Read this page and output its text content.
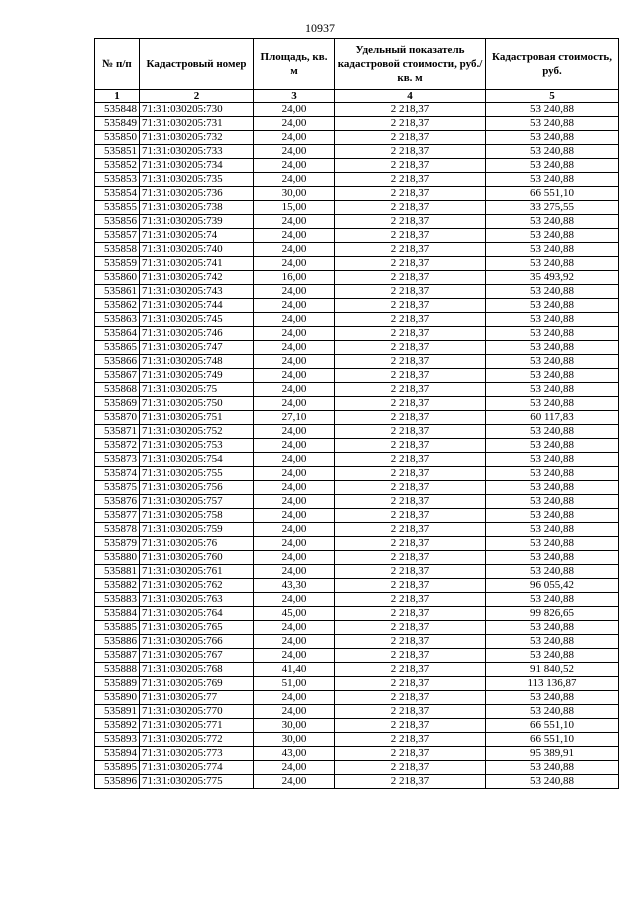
10937
№ п/п	Кадастровый номер	Площадь, кв. м	Удельный показатель кадастровой стоимости, руб./кв. м	Кадастровая стоимость, руб.
1	2	3	4	5
535848	71:31:030205:730	24,00	2 218,37	53 240,88
535849	71:31:030205:731	24,00	2 218,37	53 240,88
535850	71:31:030205:732	24,00	2 218,37	53 240,88
535851	71:31:030205:733	24,00	2 218,37	53 240,88
535852	71:31:030205:734	24,00	2 218,37	53 240,88
535853	71:31:030205:735	24,00	2 218,37	53 240,88
535854	71:31:030205:736	30,00	2 218,37	66 551,10
535855	71:31:030205:738	15,00	2 218,37	33 275,55
535856	71:31:030205:739	24,00	2 218,37	53 240,88
535857	71:31:030205:74	24,00	2 218,37	53 240,88
535858	71:31:030205:740	24,00	2 218,37	53 240,88
535859	71:31:030205:741	24,00	2 218,37	53 240,88
535860	71:31:030205:742	16,00	2 218,37	35 493,92
535861	71:31:030205:743	24,00	2 218,37	53 240,88
535862	71:31:030205:744	24,00	2 218,37	53 240,88
535863	71:31:030205:745	24,00	2 218,37	53 240,88
535864	71:31:030205:746	24,00	2 218,37	53 240,88
535865	71:31:030205:747	24,00	2 218,37	53 240,88
535866	71:31:030205:748	24,00	2 218,37	53 240,88
535867	71:31:030205:749	24,00	2 218,37	53 240,88
535868	71:31:030205:75	24,00	2 218,37	53 240,88
535869	71:31:030205:750	24,00	2 218,37	53 240,88
535870	71:31:030205:751	27,10	2 218,37	60 117,83
535871	71:31:030205:752	24,00	2 218,37	53 240,88
535872	71:31:030205:753	24,00	2 218,37	53 240,88
535873	71:31:030205:754	24,00	2 218,37	53 240,88
535874	71:31:030205:755	24,00	2 218,37	53 240,88
535875	71:31:030205:756	24,00	2 218,37	53 240,88
535876	71:31:030205:757	24,00	2 218,37	53 240,88
535877	71:31:030205:758	24,00	2 218,37	53 240,88
535878	71:31:030205:759	24,00	2 218,37	53 240,88
535879	71:31:030205:76	24,00	2 218,37	53 240,88
535880	71:31:030205:760	24,00	2 218,37	53 240,88
535881	71:31:030205:761	24,00	2 218,37	53 240,88
535882	71:31:030205:762	43,30	2 218,37	96 055,42
535883	71:31:030205:763	24,00	2 218,37	53 240,88
535884	71:31:030205:764	45,00	2 218,37	99 826,65
535885	71:31:030205:765	24,00	2 218,37	53 240,88
535886	71:31:030205:766	24,00	2 218,37	53 240,88
535887	71:31:030205:767	24,00	2 218,37	53 240,88
535888	71:31:030205:768	41,40	2 218,37	91 840,52
535889	71:31:030205:769	51,00	2 218,37	113 136,87
535890	71:31:030205:77	24,00	2 218,37	53 240,88
535891	71:31:030205:770	24,00	2 218,37	53 240,88
535892	71:31:030205:771	30,00	2 218,37	66 551,10
535893	71:31:030205:772	30,00	2 218,37	66 551,10
535894	71:31:030205:773	43,00	2 218,37	95 389,91
535895	71:31:030205:774	24,00	2 218,37	53 240,88
535896	71:31:030205:775	24,00	2 218,37	53 240,88
